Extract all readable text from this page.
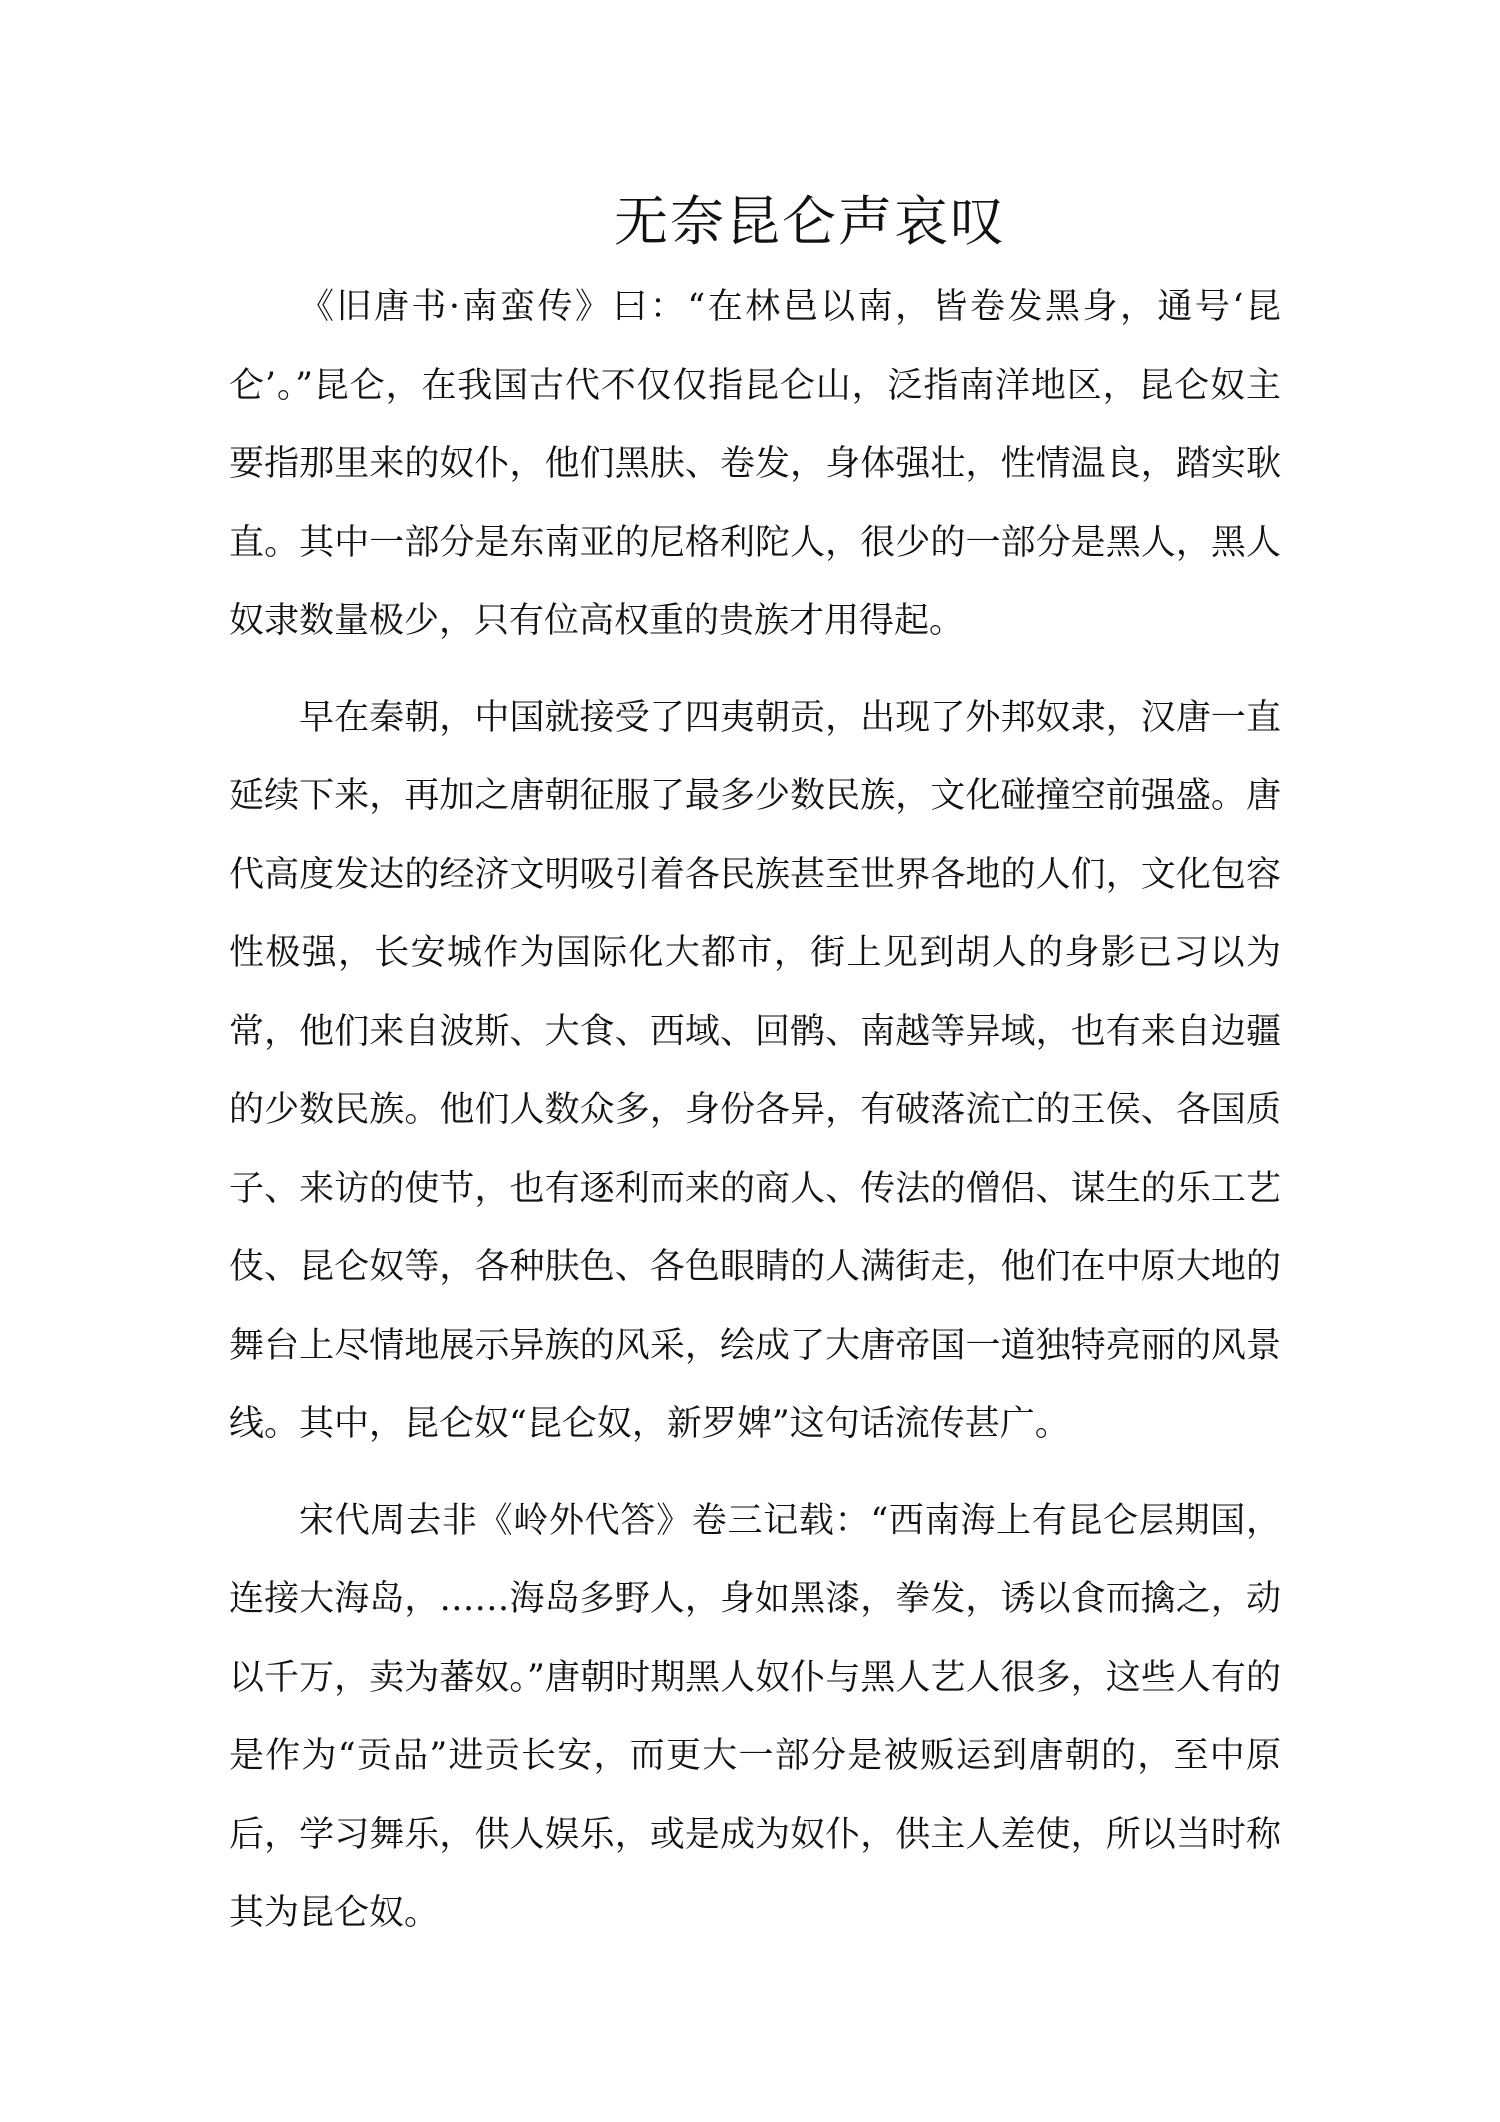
无奈昆仑声哀叹

《旧唐书·南蛮传》曰：“在林邑以南，皆卷发黑身，通号‘昆仑’。”昆仑，在我国古代不仅仅指昆仑山，泛指南洋地区，昆仑奴主要指那里来的奴仆，他们黑肤、卷发，身体强壮，性情温良，踏实耿直。其中一部分是东南亚的尼格利陀人，很少的一部分是黑人，黑人奴隶数量极少，只有位高权重的贵族才用得起。

早在秦朝，中国就接受了四夷朝贡，出现了外邦奴隶，汉唐一直延续下来，再加之唐朝征服了最多少数民族，文化碰撞空前强盛。唐代高度发达的经济文明吸引着各民族甚至世界各地的人们，文化包容性极强，长安城作为国际化大都市，街上见到胡人的身影已习以为常，他们来自波斯、大食、西域、回鹘、南越等异域，也有来自边疆的少数民族。他们人数众多，身份各异，有破落流亡的王侯、各国质子、来访的使节，也有逐利而来的商人、传法的僧侣、谋生的乐工艺伎、昆仑奴等，各种肤色、各色眼睛的人满街走，他们在中原大地的舞台上尽情地展示异族的风采，绘成了大唐帝国一道独特亮丽的风景线。其中，昆仑奴“昆仑奴，新罗婢”这句话流传甚广。

宋代周去非《岭外代答》卷三记载：“西南海上有昆仑层期国，连接大海岛，……海岛多野人，身如黑漆，拳发，诱以食而擒之，动以千万，卖为蕃奴。”唐朝时期黑人奴仆与黑人艺人很多，这些人有的是作为“贡品”进贡长安，而更大一部分是被贩运到唐朝的，至中原后，学习舞乐，供人娱乐，或是成为奴仆，供主人差使，所以当时称其为昆仑奴。
